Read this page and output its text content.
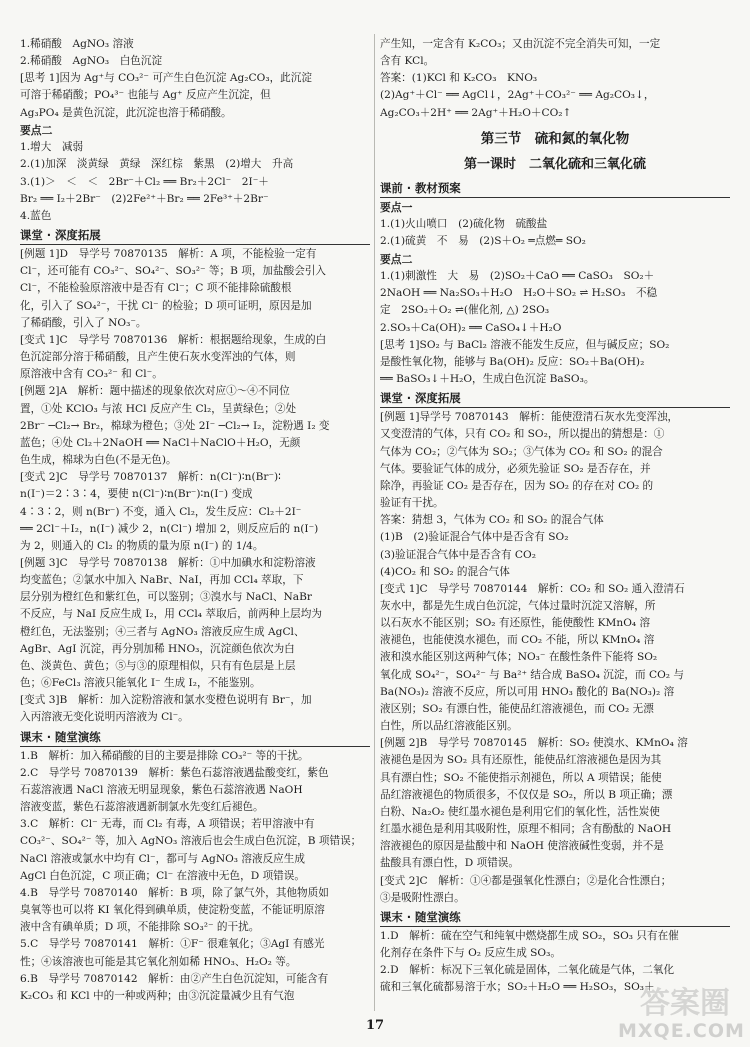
1.稀硝酸　AgNO₃ 溶液
2.稀硝酸　AgNO₃　白色沉淀
[思考 1]因为 Ag⁺与 CO₃²⁻ 可产生白色沉淀 Ag₂CO₃，此沉淀
可溶于稀硝酸；PO₄³⁻ 也能与 Ag⁺ 反应产生沉淀，但
Ag₃PO₄ 是黄色沉淀，此沉淀也溶于稀硝酸。
要点二
1.增大　减弱
2.(1)加深　淡黄绿　黄绿　深红棕　紫黑　(2)增大　升高
3.(1)＞　＜　＜　2Br⁻＋Cl₂ ══ Br₂＋2Cl⁻　2I⁻＋
Br₂ ══ I₂＋2Br⁻　(2)2Fe²⁺＋Br₂ ══ 2Fe³⁺＋2Br⁻
4.蓝色
课堂 · 深度拓展
[例题 1]D　导学号 70870135　解析：A 项，不能检验一定有
Cl⁻，还可能有 CO₃²⁻、SO₄²⁻、SO₃²⁻ 等；B 项，加盐酸会引入
Cl⁻，不能检验原溶液中是否有 Cl⁻；C 项不能排除硫酸根
化，引入了 SO₄²⁻，干扰 Cl⁻ 的检验；D 项可证明，原因是加
了稀硝酸，引入了 NO₃⁻。
[变式 1]C　导学号 70870136　解析：根据题给现象，生成的白
色沉淀部分溶于稀硝酸，且产生使石灰水变浑浊的气体，则
原溶液中含有 CO₃²⁻ 和 Cl⁻。
[例题 2]A　解析：题中描述的现象依次对应①～④不同位
置，①处 KClO₃ 与浓 HCl 反应产生 Cl₂，呈黄绿色；②处
2Br⁻ ─Cl₂→ Br₂，棉球为橙色；③处 2I⁻ ─Cl₂→ I₂，淀粉遇 I₂ 变
蓝色；④处 Cl₂＋2NaOH ══ NaCl＋NaClO＋H₂O，无颜
色生成，棉球为白色(不是无色)。
[变式 2]C　导学号 70870137　解析：n(Cl⁻)∶n(Br⁻)∶
n(I⁻)＝2∶3∶4，要使 n(Cl⁻)∶n(Br⁻)∶n(I⁻) 变成
4∶3∶2，则 n(Br⁻) 不变，通入 Cl₂，发生反应：Cl₂＋2I⁻
══ 2Cl⁻＋I₂，n(I⁻) 减少 2，n(Cl⁻) 增加 2，则反应后的 n(I⁻)
为 2，则通入的 Cl₂ 的物质的量为原 n(I⁻) 的 1/4。
[例题 3]C　导学号 70870138　解析：①中加碘水和淀粉溶液
均变蓝色；②氯水中加入 NaBr、NaI，再加 CCl₄ 萃取，下
层分别为橙红色和紫红色，可以鉴别；③溴水与 NaCl、NaBr
不反应，与 NaI 反应生成 I₂，用 CCl₄ 萃取后，前两种上层均为
橙红色，无法鉴别；④三者与 AgNO₃ 溶液反应生成 AgCl、
AgBr、AgI 沉淀，再分别加稀 HNO₃，沉淀颜色依次为白
色、淡黄色、黄色；⑤与③的原理相似，只有有色层是上层
色；⑥FeCl₃ 溶液只能氧化 I⁻ 生成 I₂，不能鉴别。
[变式 3]B　解析：加入淀粉溶液和氯水变橙色说明有 Br⁻，加
入丙溶液无变化说明丙溶液为 Cl⁻。
课末 · 随堂演练
1.B　解析：加入稀硝酸的目的主要是排除 CO₃²⁻ 等的干扰。
2.C　导学号 70870139　解析：紫色石蕊溶液遇盐酸变红，紫色
石蕊溶液遇 NaCl 溶液无明显现象，紫色石蕊溶液遇 NaOH
溶液变蓝，紫色石蕊溶液遇新制氯水先变红后褪色。
3.C　解析：Cl⁻ 无毒，而 Cl₂ 有毒，A 项错误；若甲溶液中有
CO₃²⁻、SO₄²⁻ 等，加入 AgNO₃ 溶液后也会生成白色沉淀，B 项错误；
NaCl 溶液或氯水中均有 Cl⁻，都可与 AgNO₃ 溶液反应生成
AgCl 白色沉淀，C 项正确；Cl⁻ 在溶液中无色，D 项错误。
4.B　导学号 70870140　解析：B 项，除了氯气外，其他物质如
臭氧等也可以将 KI 氧化得到碘单质，使淀粉变蓝，不能证明原溶
液中含有碘单质；D 项，不能排除 SO₃²⁻ 的干扰。
5.C　导学号 70870141　解析：①F⁻ 很难氧化；③AgI 有感光
性；④该溶液也可能是其它氧化剂如稀 HNO₃、H₂O₂ 等。
6.B　导学号 70870142　解析：由②产生白色沉淀知，可能含有
K₂CO₃ 和 KCl 中的一种或两种；由③沉淀量减少且有气泡
产生知，一定含有 K₂CO₃；又由沉淀不完全消失可知，一定
含有 KCl。
答案：(1)KCl 和 K₂CO₃　KNO₃
(2)Ag⁺＋Cl⁻ ══ AgCl↓，2Ag⁺＋CO₃²⁻ ══ Ag₂CO₃↓，
Ag₂CO₃＋2H⁺ ══ 2Ag⁺＋H₂O＋CO₂↑
第三节　硫和氮的氧化物
第一课时　二氧化硫和三氧化硫
课前 · 教材预案
要点一
1.(1)火山喷口　(2)硫化物　硫酸盐
2.(1)硫黄　不　易　(2)S＋O₂ ═点燃═ SO₂
要点二
1.(1)刺激性　大　易　(2)SO₂＋CaO ══ CaSO₃　SO₂＋
2NaOH ══ Na₂SO₃＋H₂O　H₂O＋SO₂ ⇌ H₂SO₃　不稳
定　2SO₂＋O₂ ⇌(催化剂, △) 2SO₃
2.SO₃＋Ca(OH)₂ ══ CaSO₄↓＋H₂O
[思考 1]SO₂ 与 BaCl₂ 溶液不能发生反应，但与碱反应；SO₂
是酸性氧化物，能够与 Ba(OH)₂ 反应：SO₂＋Ba(OH)₂
══ BaSO₃↓＋H₂O，生成白色沉淀 BaSO₃。
课堂 · 深度拓展
[例题 1]导学号 70870143　解析：能使澄清石灰水先变浑浊，
又变澄清的气体，只有 CO₂ 和 SO₂，所以提出的猜想是：①
气体为 CO₂；②气体为 SO₂；③气体为 CO₂ 和 SO₂ 的混合
气体。要验证气体的成分，必须先验证 SO₂ 是否存在，并
除净，再验证 CO₂ 是否存在，因为 SO₂ 的存在对 CO₂ 的
验证有干扰。
答案：猜想 3，气体为 CO₂ 和 SO₂ 的混合气体
(1)B　(2)验证混合气体中是否含有 SO₂
(3)验证混合气体中是否含有 CO₂
(4)CO₂ 和 SO₂ 的混合气体
[变式 1]C　导学号 70870144　解析：CO₂ 和 SO₂ 通入澄清石
灰水中，都是先生成白色沉淀，气体过量时沉淀又溶解，所
以石灰水不能区别；SO₂ 有还原性，能使酸性 KMnO₄ 溶
液褪色，也能使溴水褪色，而 CO₂ 不能，所以 KMnO₄ 溶
液和溴水能区别这两种气体；NO₃⁻ 在酸性条件下能将 SO₂
氧化成 SO₄²⁻，SO₄²⁻ 与 Ba²⁺ 结合成 BaSO₄ 沉淀，而 CO₂ 与
Ba(NO₃)₂ 溶液不反应，所以可用 HNO₃ 酸化的 Ba(NO₃)₂ 溶
液区别；SO₂ 有漂白性，能使品红溶液褪色，而 CO₂ 无漂
白性，所以品红溶液能区别。
[例题 2]B　导学号 70870145　解析：SO₂ 使溴水、KMnO₄ 溶
液褪色是因为 SO₂ 具有还原性，能使品红溶液褪色是因为其
具有漂白性；SO₂ 不能使指示剂褪色，所以 A 项错误；能使
品红溶液褪色的物质很多，不仅仅是 SO₂，所以 B 项正确；漂
白粉、Na₂O₂ 使红墨水褪色是利用它们的氧化性，活性炭使
红墨水褪色是利用其吸附性，原理不相同；含有酚酞的 NaOH
溶液褪色的原因是盐酸中和 NaOH 使溶液碱性变弱，并不是
盐酸具有漂白性，D 项错误。
[变式 2]C　解析：①④都是强氧化性漂白；②是化合性漂白；
③是吸附性漂白。
课末 · 随堂演练
1.D　解析：硫在空气和纯氧中燃烧都生成 SO₂，SO₃ 只有在催
化剂存在条件下与 O₂ 反应生成 SO₃。
2.D　解析：标况下三氧化硫是固体，二氧化硫是气体，二氧化
硫和三氧化硫都易溶于水；SO₂＋H₂O ══ H₂SO₃，SO₃＋
17
答案圈
MXQE.COM
